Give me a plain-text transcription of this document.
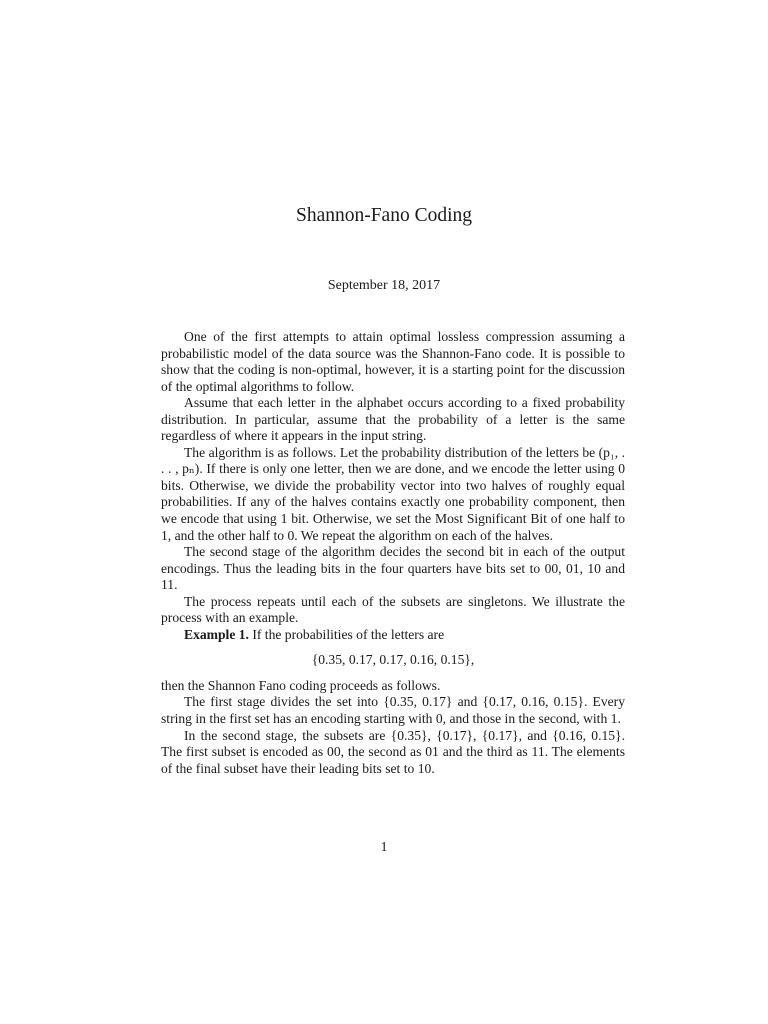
Shannon-Fano Coding
September 18, 2017

One of the first attempts to attain optimal lossless compression assuming a probabilistic model of the data source was the Shannon-Fano code. It is possible to show that the coding is non-optimal, however, it is a starting point for the discussion of the optimal algorithms to follow.

Assume that each letter in the alphabet occurs according to a fixed probability distribution. In particular, assume that the probability of a letter is the same regardless of where it appears in the input string.

The algorithm is as follows. Let the probability distribution of the letters be (p₁, . . . , pₙ). If there is only one letter, then we are done, and we encode the letter using 0 bits. Otherwise, we divide the probability vector into two halves of roughly equal probabilities. If any of the halves contains exactly one probability component, then we encode that using 1 bit. Otherwise, we set the Most Significant Bit of one half to 1, and the other half to 0. We repeat the algorithm on each of the halves.

The second stage of the algorithm decides the second bit in each of the output encodings. Thus the leading bits in the four quarters have bits set to 00, 01, 10 and 11.

The process repeats until each of the subsets are singletons. We illustrate the process with an example.

Example 1. If the probabilities of the letters are

{0.35, 0.17, 0.17, 0.16, 0.15},

then the Shannon Fano coding proceeds as follows.

The first stage divides the set into {0.35, 0.17} and {0.17, 0.16, 0.15}. Every string in the first set has an encoding starting with 0, and those in the second, with 1.

In the second stage, the subsets are {0.35}, {0.17}, {0.17}, and {0.16, 0.15}. The first subset is encoded as 00, the second as 01 and the third as 11. The elements of the final subset have their leading bits set to 10.

1
